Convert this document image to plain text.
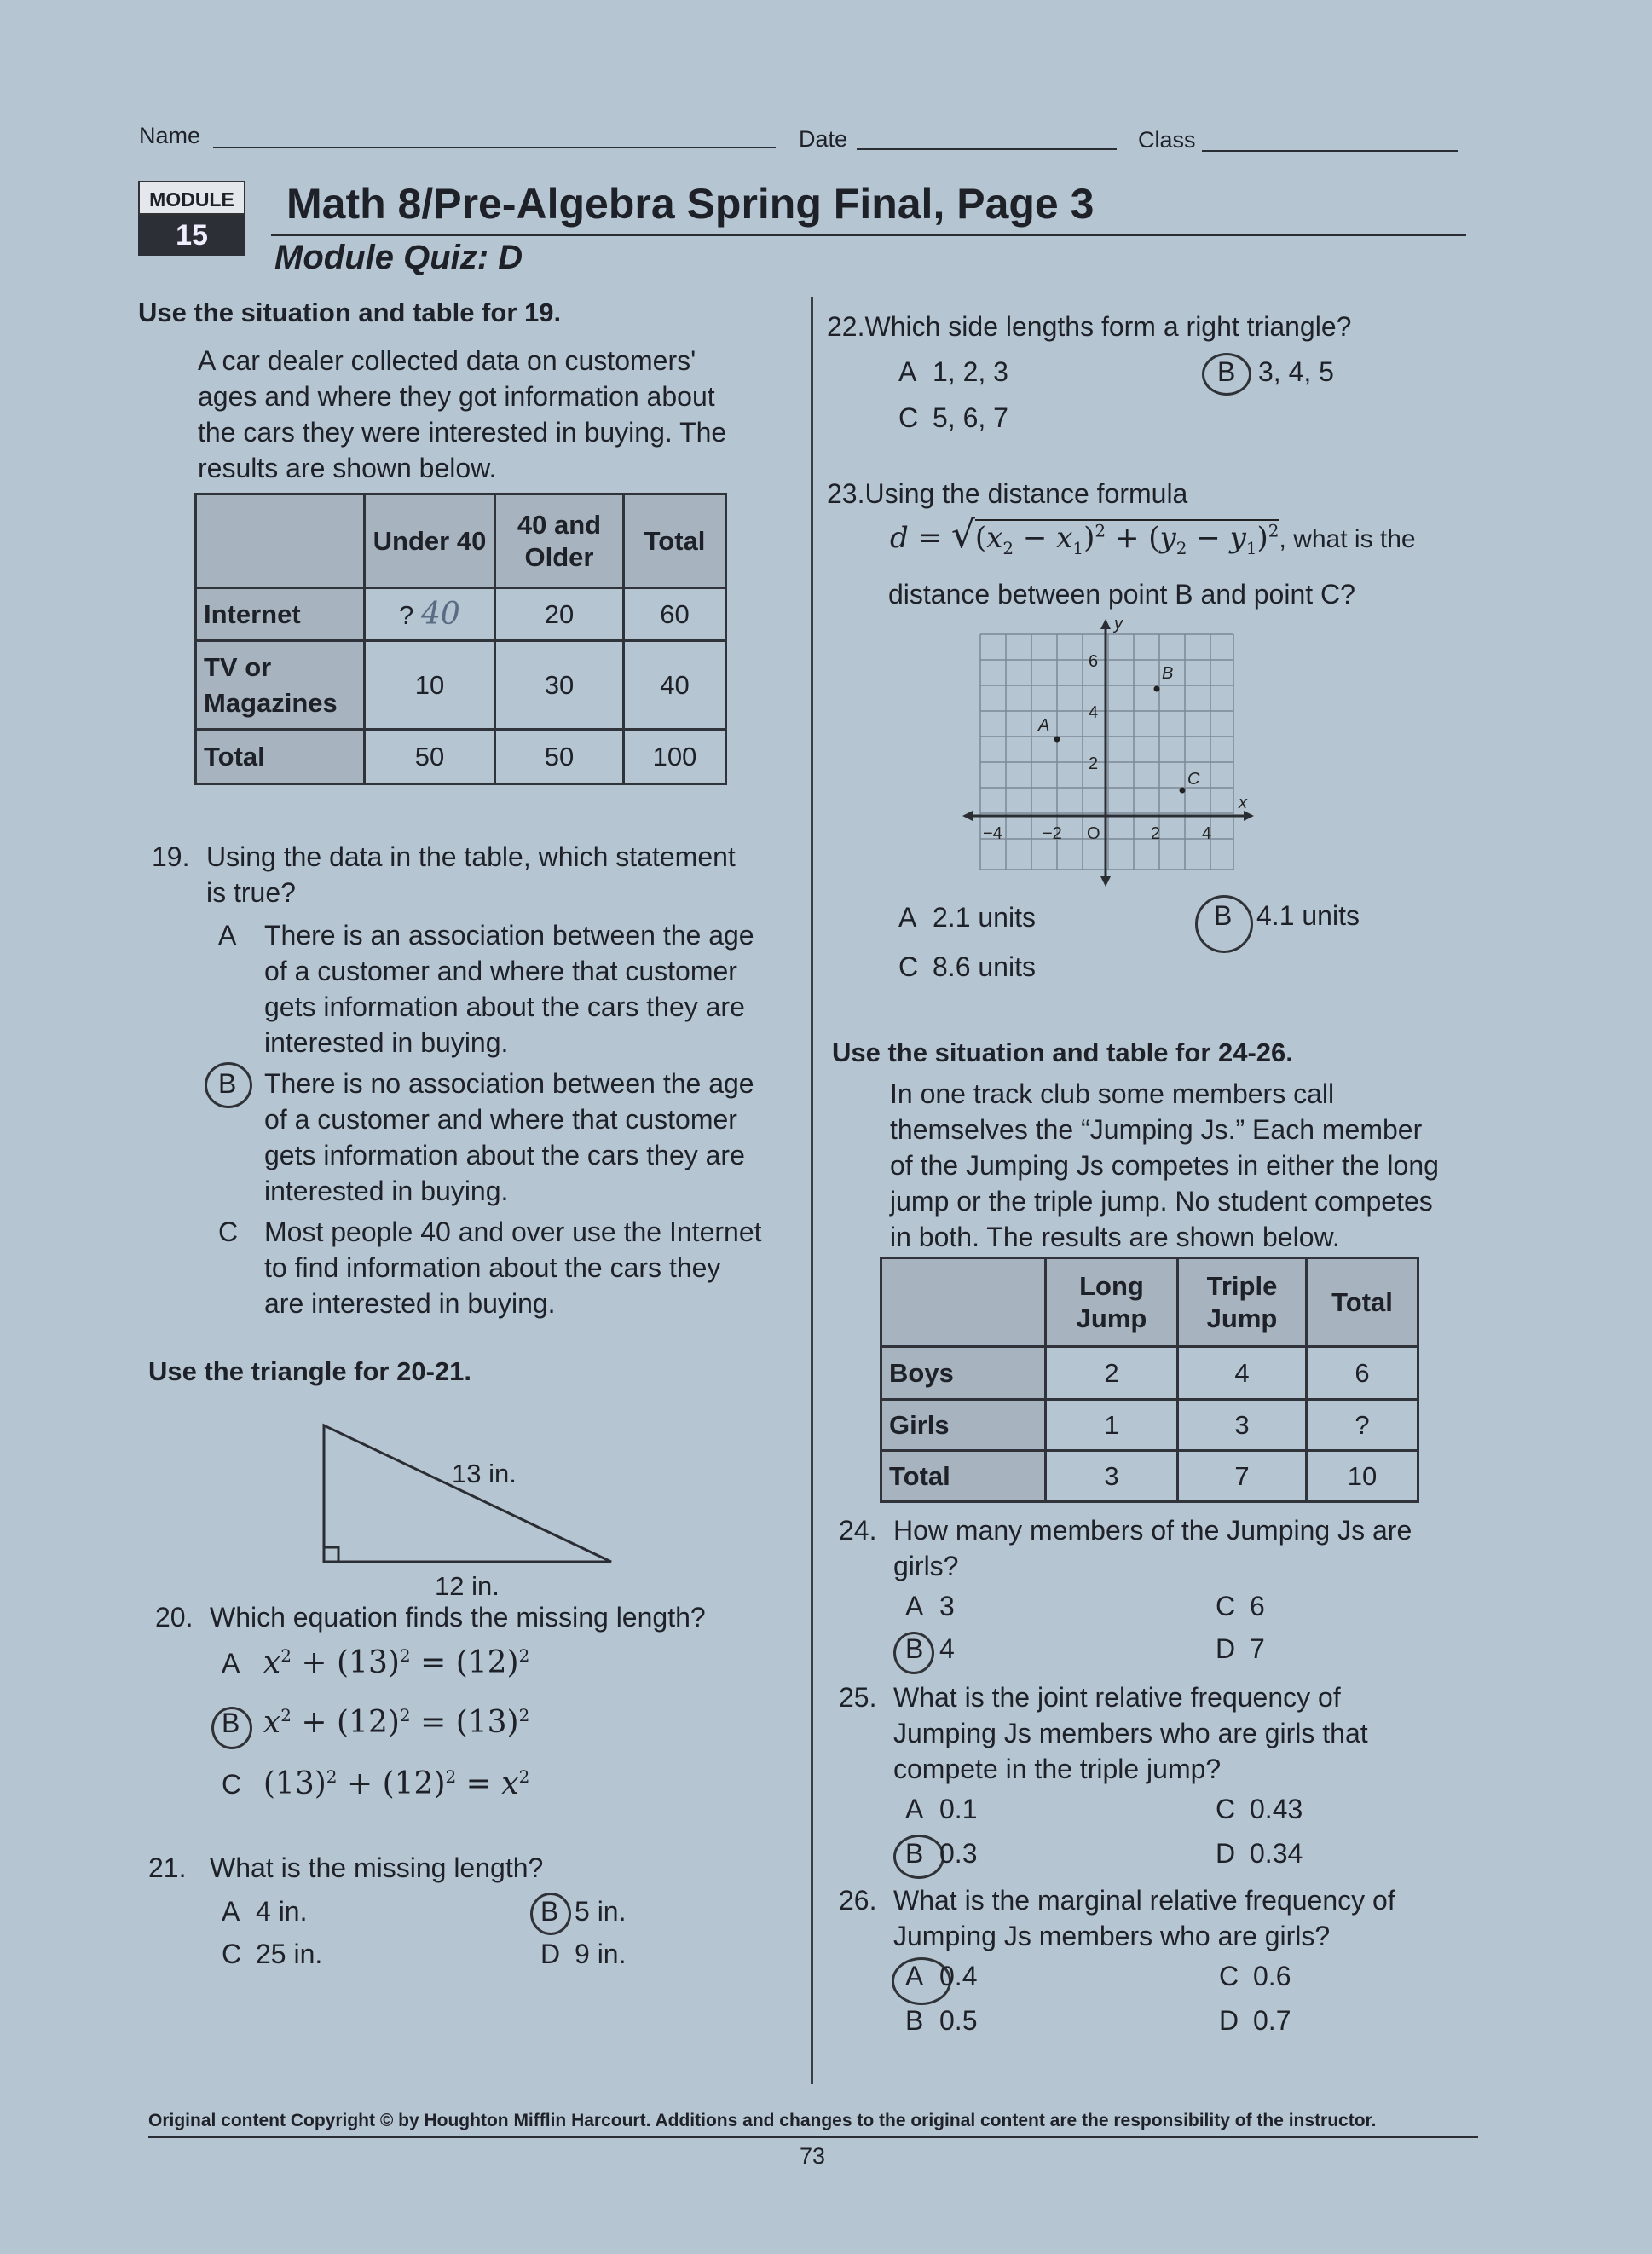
Name	Date	Class
MODULE
15
Math 8/Pre-Algebra Spring Final, Page 3
Module Quiz: D
Use the situation and table for 19.
A car dealer collected data on customers'
ages and where they got information about
the cars they were interested in buying. The
results are shown below.
	Under 40	40 and Older	Total
Internet	? 40	20	60
TV or Magazines	10	30	40
Total	50	50	100
19. Using the data in the table, which statement
is true?
A There is an association between the age
of a customer and where that customer
gets information about the cars they are
interested in buying.
B There is no association between the age
of a customer and where that customer
gets information about the cars they are
interested in buying.
C Most people 40 and over use the Internet
to find information about the cars they
are interested in buying.
Use the triangle for 20-21.
13 in.
12 in.
20. Which equation finds the missing length?
A $x^2 + (13)^2 = (12)^2$
B $x^2 + (12)^2 = (13)^2$
C $(13)^2 + (12)^2 = x^2$
21. What is the missing length?
A 4 in.	B 5 in.
C 25 in.	D 9 in.
22.Which side lengths form a right triangle?
A 1, 2, 3	B 3, 4, 5
C 5, 6, 7
23.Using the distance formula
$d = √(x_2 - x_1)^2 + (y_2 - y_1)^2$, what is the
distance between point B and point C?
−4 −2 O	2 4
6
4
2
x
y
A
B
C
A 2.1 units	B 4.1 units
C 8.6 units
Use the situation and table for 24-26.
In one track club some members call
themselves the “Jumping Js.” Each member
of the Jumping Js competes in either the long
jump or the triple jump. No student competes
in both. The results are shown below.
	Long Jump	Triple Jump	Total
Boys	2	4	6
Girls	1	3	?
Total	3	7	10
24. How many members of the Jumping Js are
girls?
A 3	C 6
B 4	D 7
25. What is the joint relative frequency of
Jumping Js members who are girls that
compete in the triple jump?
A 0.1	C 0.43
B 0.3	D 0.34
26. What is the marginal relative frequency of
Jumping Js members who are girls?
A 0.4	C 0.6
B 0.5	D 0.7
Original content Copyright © by Houghton Mifflin Harcourt. Additions and changes to the original content are the responsibility of the instructor.
73
